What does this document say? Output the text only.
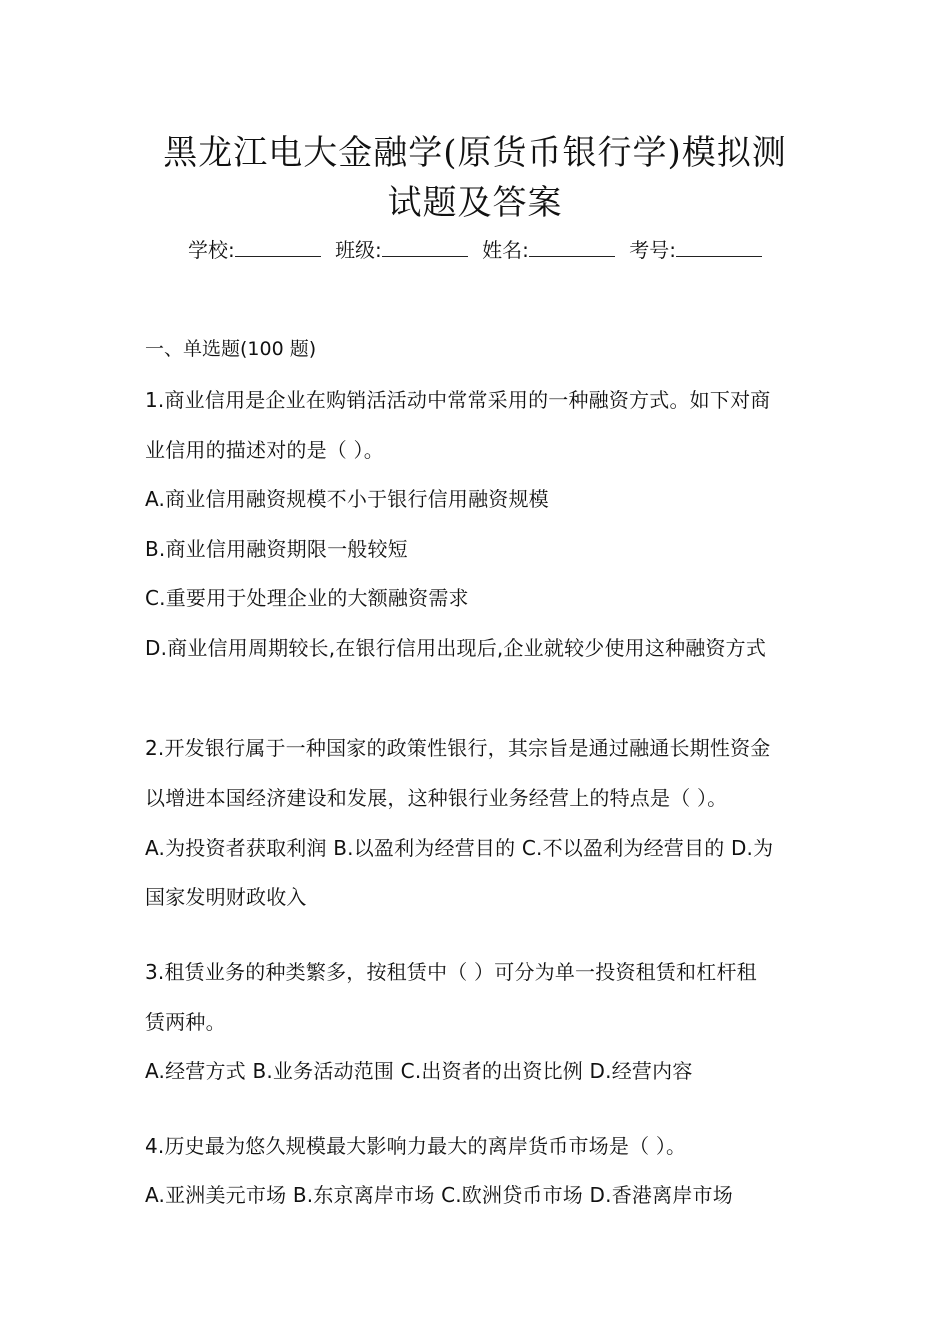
黑龙江电大金融学(原货币银行学)模拟测
试题及答案
学校:	班级:	姓名:	考号:
一、单选题(100 题)
1.商业信用是企业在购销活活动中常常采用的一种融资方式。如下对商
业信用的描述对的是（ ）。
A.商业信用融资规模不小于银行信用融资规模
B.商业信用融资期限一般较短
C.重要用于处理企业的大额融资需求
D.商业信用周期较长,在银行信用出现后,企业就较少使用这种融资方式
2.开发银行属于一种国家的政策性银行，其宗旨是通过融通长期性资金
以增进本国经济建设和发展，这种银行业务经营上的特点是（ ）。
A.为投资者获取利润 B.以盈利为经营目的 C.不以盈利为经营目的 D.为
国家发明财政收入
3.租赁业务的种类繁多，按租赁中（ ）可分为单一投资租赁和杠杆租
赁两种。
A.经营方式 B.业务活动范围 C.出资者的出资比例 D.经营内容
4.历史最为悠久规模最大影响力最大的离岸货币市场是（ ）。
A.亚洲美元市场 B.东京离岸市场 C.欧洲贷币市场 D.香港离岸市场
